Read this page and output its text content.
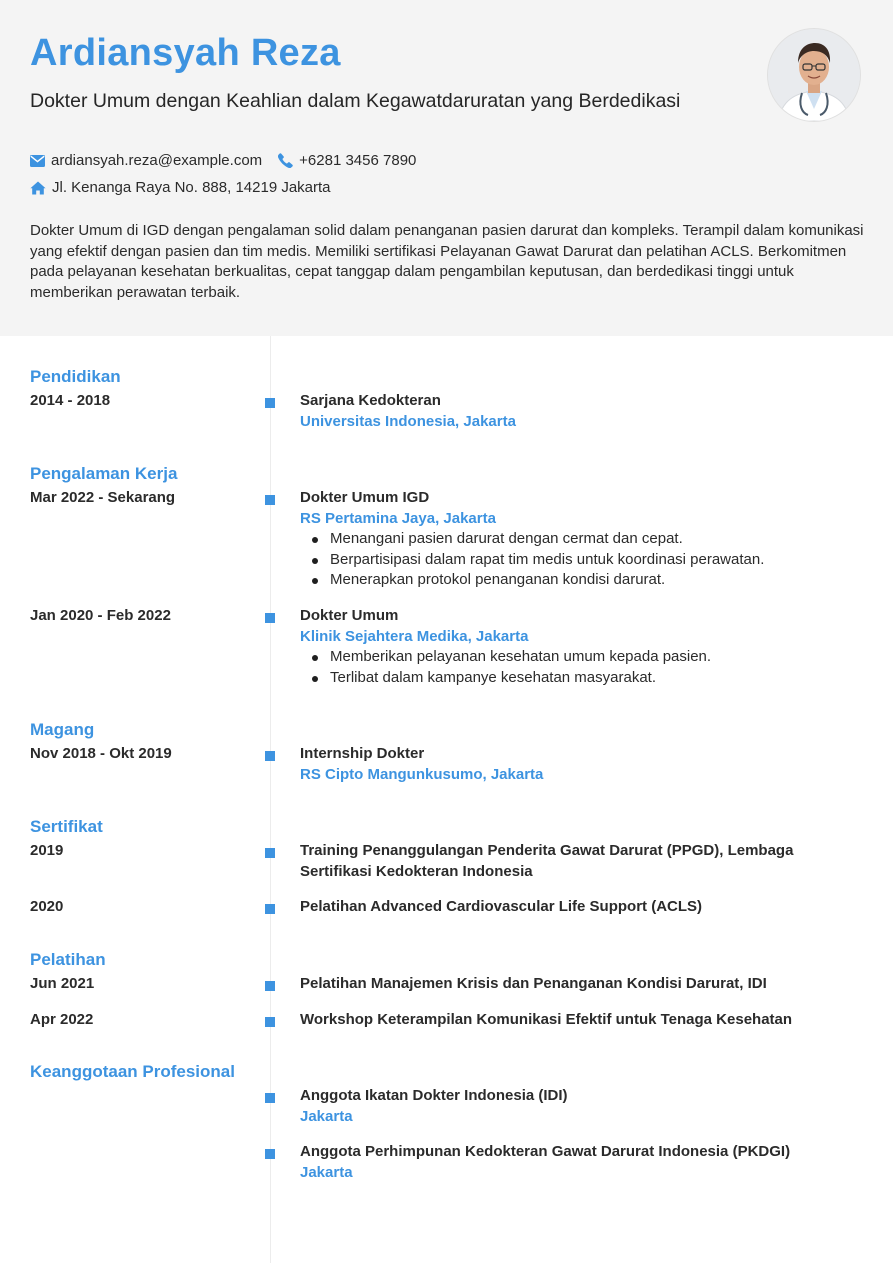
Ardiansyah Reza

Dokter Umum dengan Keahlian dalam Kegawatdaruratan yang Berdedikasi

ardiansyah.reza@example.com +6281 3456 7890
Jl. Kenanga Raya No. 888, 14219 Jakarta

Dokter Umum di IGD dengan pengalaman solid dalam penanganan pasien darurat dan kompleks. Terampil dalam komunikasi yang efektif dengan pasien dan tim medis. Memiliki sertifikasi Pelayanan Gawat Darurat dan pelatihan ACLS. Berkomitmen pada pelayanan kesehatan berkualitas, cepat tanggap dalam pengambilan keputusan, dan berdedikasi tinggi untuk memberikan perawatan terbaik.

Pendidikan
2014 - 2018	Sarjana Kedokteran
Universitas Indonesia, Jakarta
Pengalaman Kerja
Mar 2022 - Sekarang	Dokter Umum IGD
RS Pertamina Jaya, Jakarta
Menangani pasien darurat dengan cermat dan cepat.
Berpartisipasi dalam rapat tim medis untuk koordinasi perawatan.
Menerapkan protokol penanganan kondisi darurat.
Jan 2020 - Feb 2022	Dokter Umum
Klinik Sejahtera Medika, Jakarta
Memberikan pelayanan kesehatan umum kepada pasien.
Terlibat dalam kampanye kesehatan masyarakat.
Magang
Nov 2018 - Okt 2019	Internship Dokter
RS Cipto Mangunkusumo, Jakarta
Sertifikat
2019	Training Penanggulangan Penderita Gawat Darurat (PPGD), Lembaga Sertifikasi Kedokteran Indonesia
2020	Pelatihan Advanced Cardiovascular Life Support (ACLS)
Pelatihan
Jun 2021	Pelatihan Manajemen Krisis dan Penanganan Kondisi Darurat, IDI
Apr 2022	Workshop Keterampilan Komunikasi Efektif untuk Tenaga Kesehatan
Keanggotaan Profesional
Anggota Ikatan Dokter Indonesia (IDI)
Jakarta
Anggota Perhimpunan Kedokteran Gawat Darurat Indonesia (PKDGI)
Jakarta
